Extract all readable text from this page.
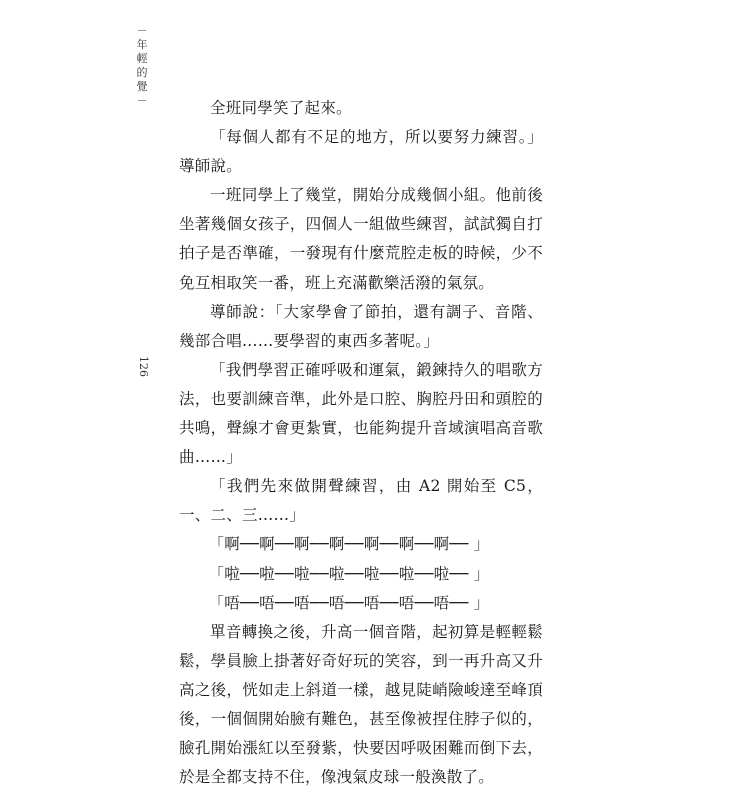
－
年
輕
的
覺
－
126

全班同學笑了起來。

「每個人都有不足的地方，所以要努力練習。」導師說。

一班同學上了幾堂，開始分成幾個小組。他前後坐著幾個女孩子，四個人一組做些練習，試試獨自打拍子是否準確，一發現有什麼荒腔走板的時候，少不免互相取笑一番，班上充滿歡樂活潑的氣氛。

導師說：「大家學會了節拍，還有調子、音階、幾部合唱……要學習的東西多著呢。」

「我們學習正確呼吸和運氣，鍛鍊持久的唱歌方法，也要訓練音準，此外是口腔、胸腔丹田和頭腔的共鳴，聲線才會更紮實，也能夠提升音域演唱高音歌曲……」

「我們先來做開聲練習，由 A2 開始至 C5，一、二、三……」

「啊──啊──啊──啊──啊──啊──啊── 」

「啦──啦──啦──啦──啦──啦──啦── 」

「唔──唔──唔──唔──唔──唔──唔── 」

單音轉換之後，升高一個音階，起初算是輕輕鬆鬆，學員臉上掛著好奇好玩的笑容，到一再升高又升高之後，恍如走上斜道一樣，越見陡峭險峻達至峰頂後，一個個開始臉有難色，甚至像被捏住脖子似的，臉孔開始漲紅以至發紫，快要因呼吸困難而倒下去，於是全都支持不住，像洩氣皮球一般渙散了。
